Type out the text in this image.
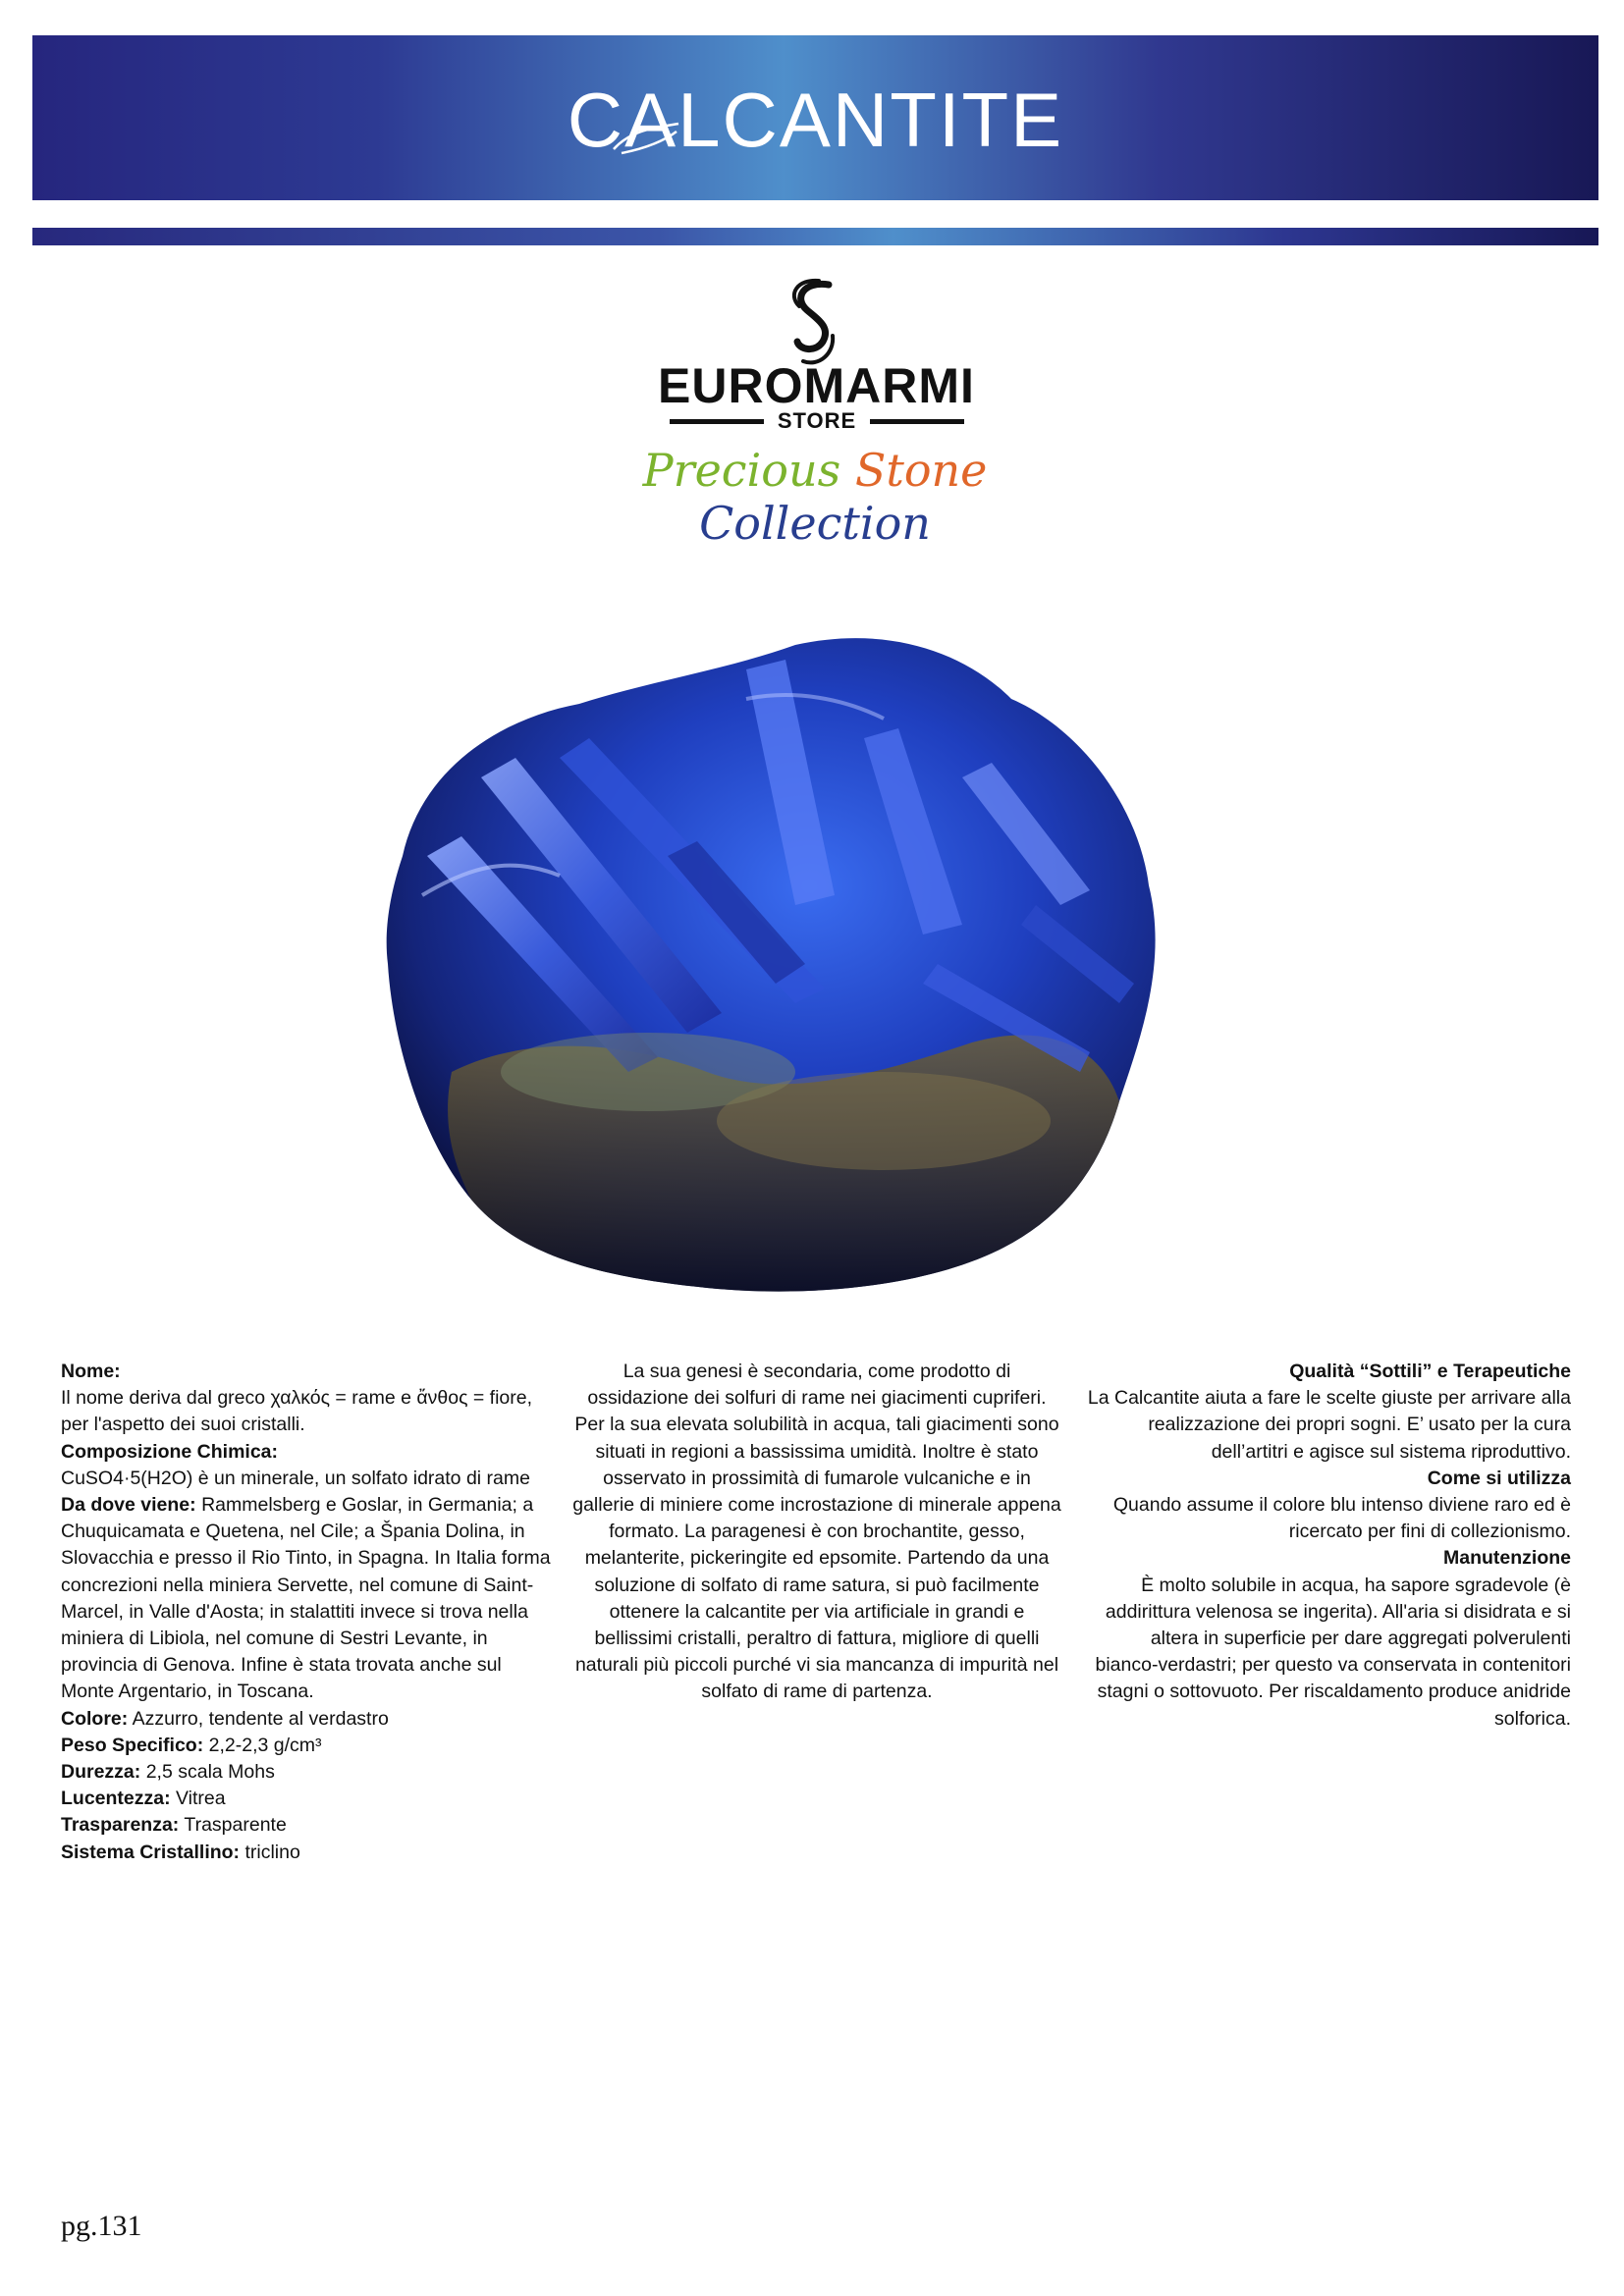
CALCANTITE
EUROMARMI
STORE
Precious Stone Collection

Nome:

Il nome deriva dal greco χαλκός = rame e ἄνθος = fiore, per l'aspetto dei suoi cristalli.

Composizione Chimica:

CuSO4·5(H2O) è un minerale, un solfato idrato di rame

Da dove viene: Rammelsberg e Goslar, in Germania; a Chuquicamata e Quetena, nel Cile; a Špania Dolina, in Slovacchia e presso il Rio Tinto, in Spagna. In Italia forma concrezioni nella miniera Servette, nel comune di Saint-Marcel, in Valle d'Aosta; in stalattiti invece si trova nella miniera di Libiola, nel comune di Sestri Levante, in provincia di Genova. Infine è stata trovata anche sul Monte Argentario, in Toscana.

Colore: Azzurro, tendente al verdastro

Peso Specifico: 2,2-2,3 g/cm³

Durezza: 2,5 scala Mohs

Lucentezza: Vitrea

Trasparenza: Trasparente

Sistema Cristallino: triclino

La sua genesi è secondaria, come prodotto di ossidazione dei solfuri di rame nei giacimenti cupriferi. Per la sua elevata solubilità in acqua, tali giacimenti sono situati in regioni a bassissima umidità. Inoltre è stato osservato in prossimità di fumarole vulcaniche e in gallerie di miniere come incrostazione di minerale appena formato. La paragenesi è con brochantite, gesso, melanterite, pickeringite ed epsomite. Partendo da una soluzione di solfato di rame satura, si può facilmente ottenere la calcantite per via artificiale in grandi e bellissimi cristalli, peraltro di fattura, migliore di quelli naturali più piccoli purché vi sia mancanza di impurità nel solfato di rame di partenza.

Qualità “Sottili” e Terapeutiche

La Calcantite aiuta a fare le scelte giuste per arrivare alla realizzazione dei propri sogni. E’ usato per la cura dell’artitri e agisce sul sistema riproduttivo.

Come si utilizza

Quando assume il colore blu intenso diviene raro ed è ricercato per fini di collezionismo.

Manutenzione

È molto solubile in acqua, ha sapore sgradevole (è addirittura velenosa se ingerita). All'aria si disidrata e si altera in superficie per dare aggregati polverulenti bianco-verdastri; per questo va conservata in contenitori stagni o sottovuoto. Per riscaldamento produce anidride solforica.

pg.131
